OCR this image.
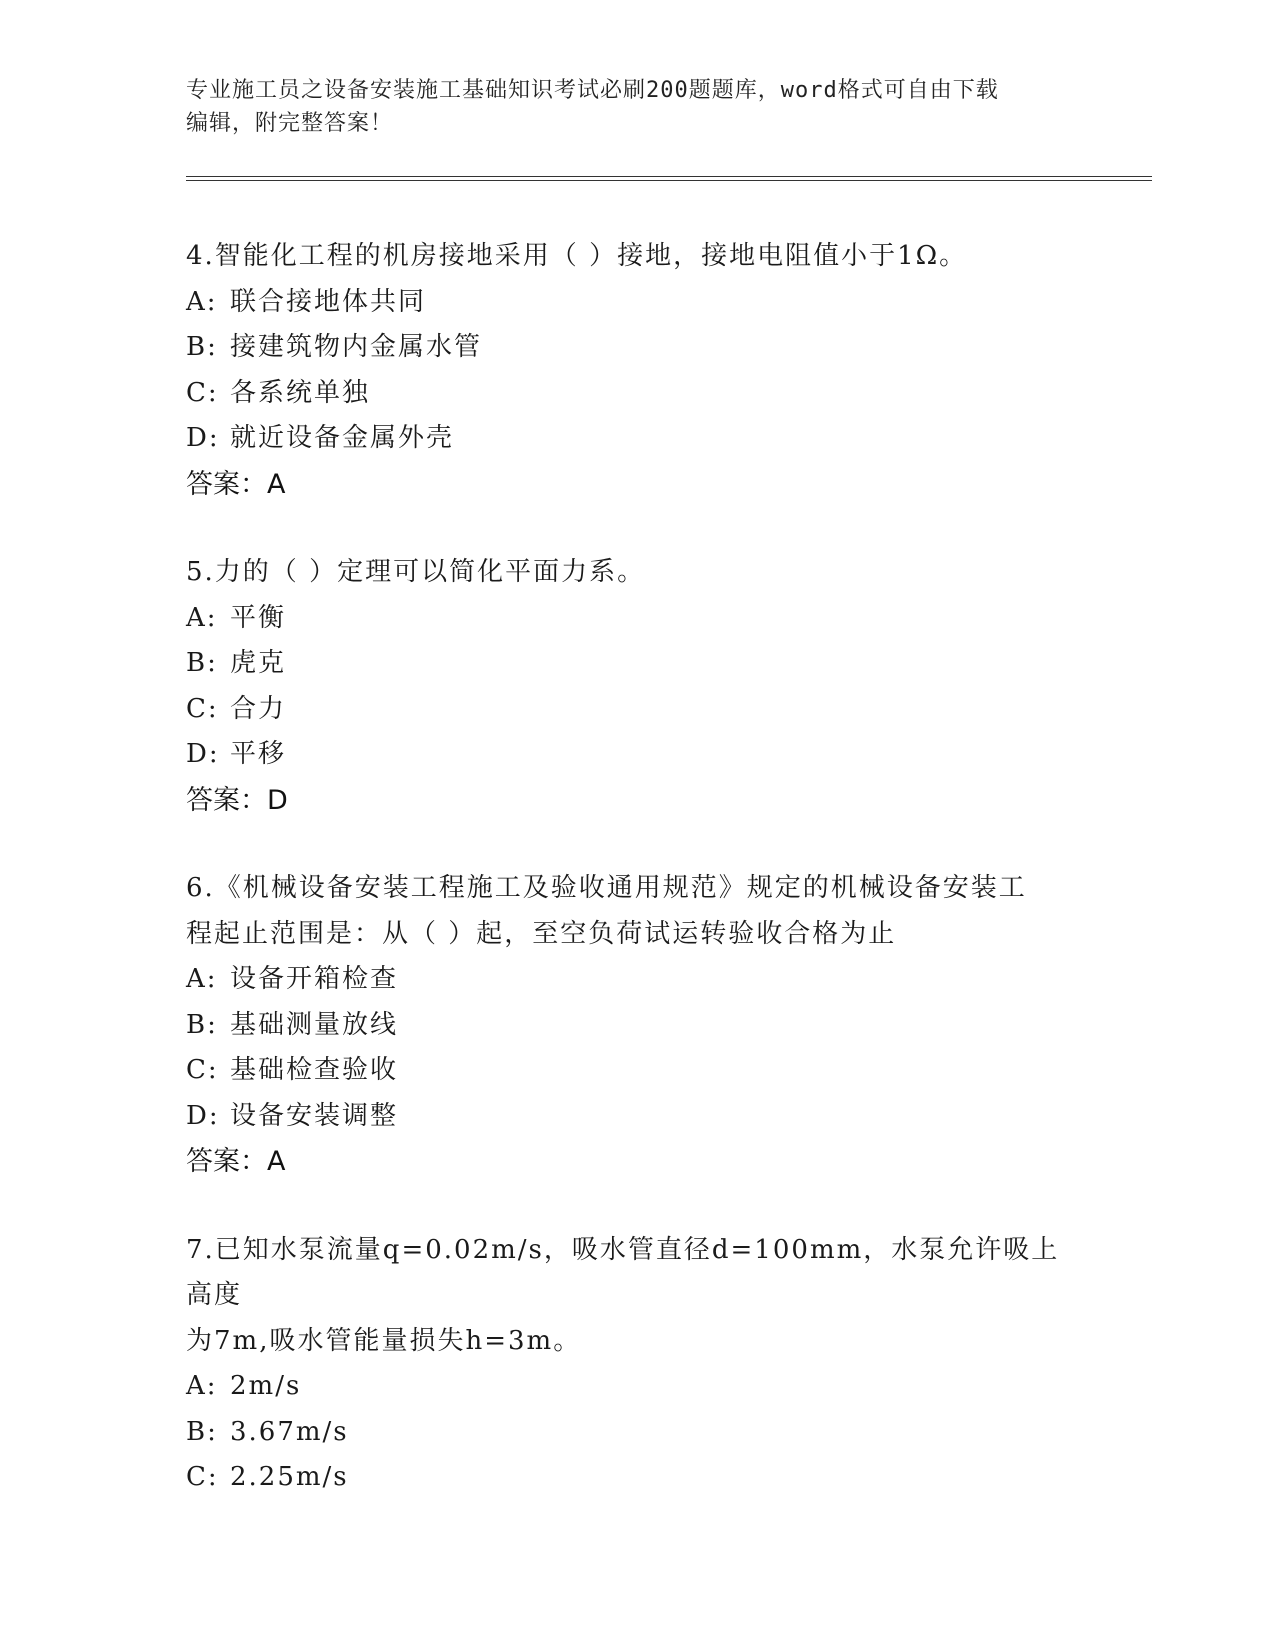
专业施工员之设备安装施工基础知识考试必刷200题题库，word格式可自由下载
编辑，附完整答案！
4.智能化工程的机房接地采用（ ）接地，接地电阻值小于1Ω。
A: 联合接地体共同
B: 接建筑物内金属水管
C: 各系统单独
D: 就近设备金属外壳
答案：A
5.力的（ ）定理可以简化平面力系。
A: 平衡
B: 虎克
C: 合力
D: 平移
答案：D
6.《机械设备安装工程施工及验收通用规范》规定的机械设备安装工
程起止范围是：从（ ）起，至空负荷试运转验收合格为止
A: 设备开箱检查
B: 基础测量放线
C: 基础检查验收
D: 设备安装调整
答案：A
7.已知水泵流量q=0.02m/s，吸水管直径d=100mm，水泵允许吸上高度
为7m,吸水管能量损失h=3m。
A: 2m/s
B: 3.67m/s
C: 2.25m/s
